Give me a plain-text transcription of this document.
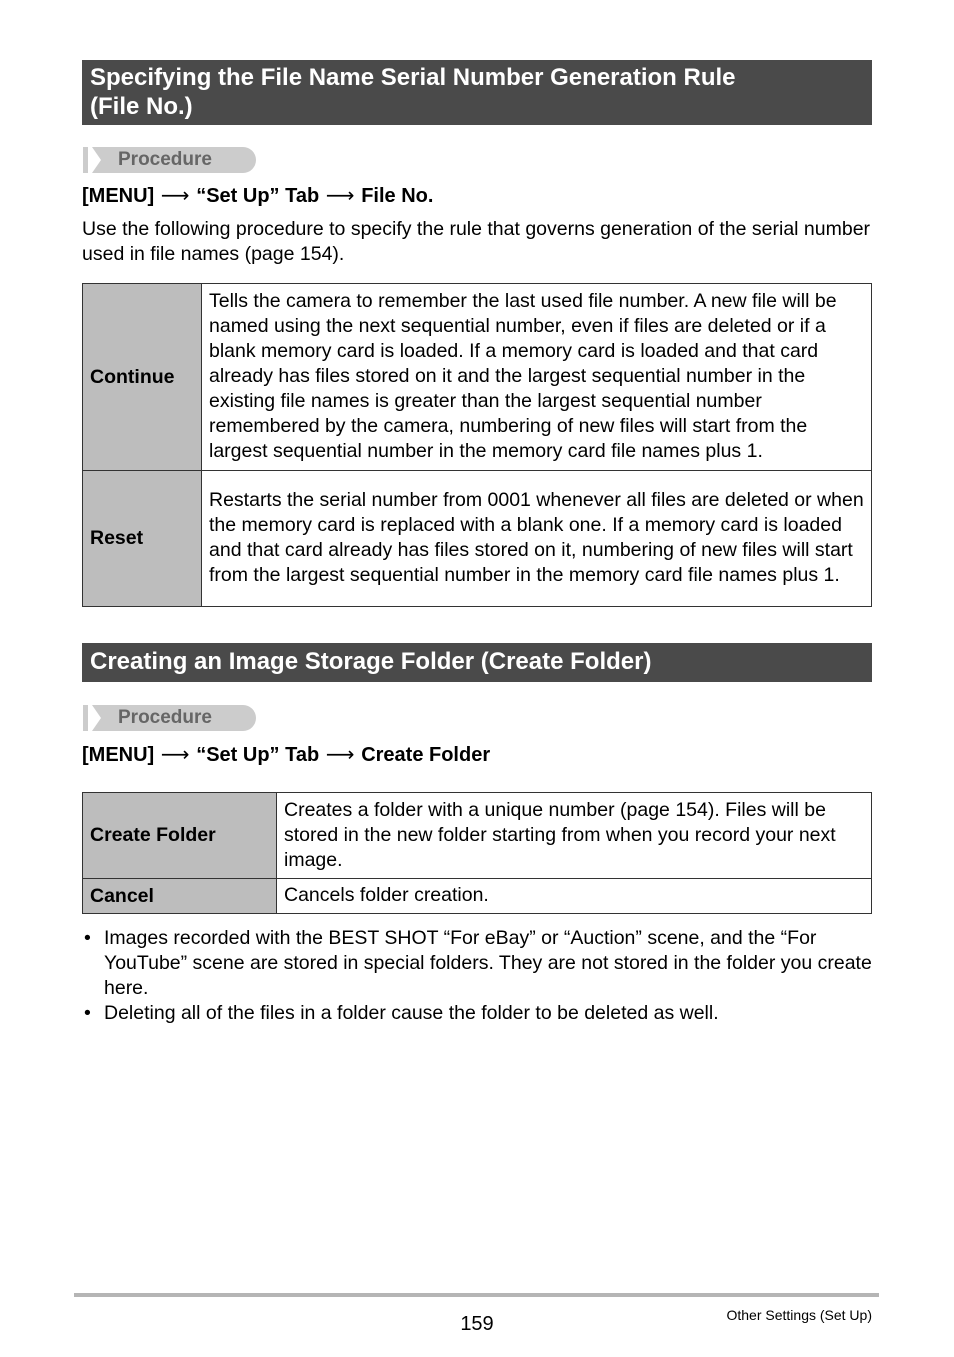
Specifying the File Name Serial Number Generation Rule
(File No.)
Procedure
[MENU] ⟶ “Set Up” Tab ⟶ File No.
Use the following procedure to specify the rule that governs generation of the serial number used in file names (page 154).
Continue	Tells the camera to remember the last used file number. A new file will be named using the next sequential number, even if files are deleted or if a blank memory card is loaded. If a memory card is loaded and that card already has files stored on it and the largest sequential number in the existing file names is greater than the largest sequential number remembered by the camera, numbering of new files will start from the largest sequential number in the memory card file names plus 1.
Reset	Restarts the serial number from 0001 whenever all files are deleted or when the memory card is replaced with a blank one. If a memory card is loaded and that card already has files stored on it, numbering of new files will start from the largest sequential number in the memory card file names plus 1.
Creating an Image Storage Folder (Create Folder)
Procedure
[MENU] ⟶ “Set Up” Tab ⟶ Create Folder
Create Folder	Creates a folder with a unique number (page 154). Files will be stored in the new folder starting from when you record your next image.
Cancel	Cancels folder creation.
• Images recorded with the BEST SHOT “For eBay” or “Auction” scene, and the “For YouTube” scene are stored in special folders. They are not stored in the folder you create here.
• Deleting all of the files in a folder cause the folder to be deleted as well.
159	Other Settings (Set Up)
